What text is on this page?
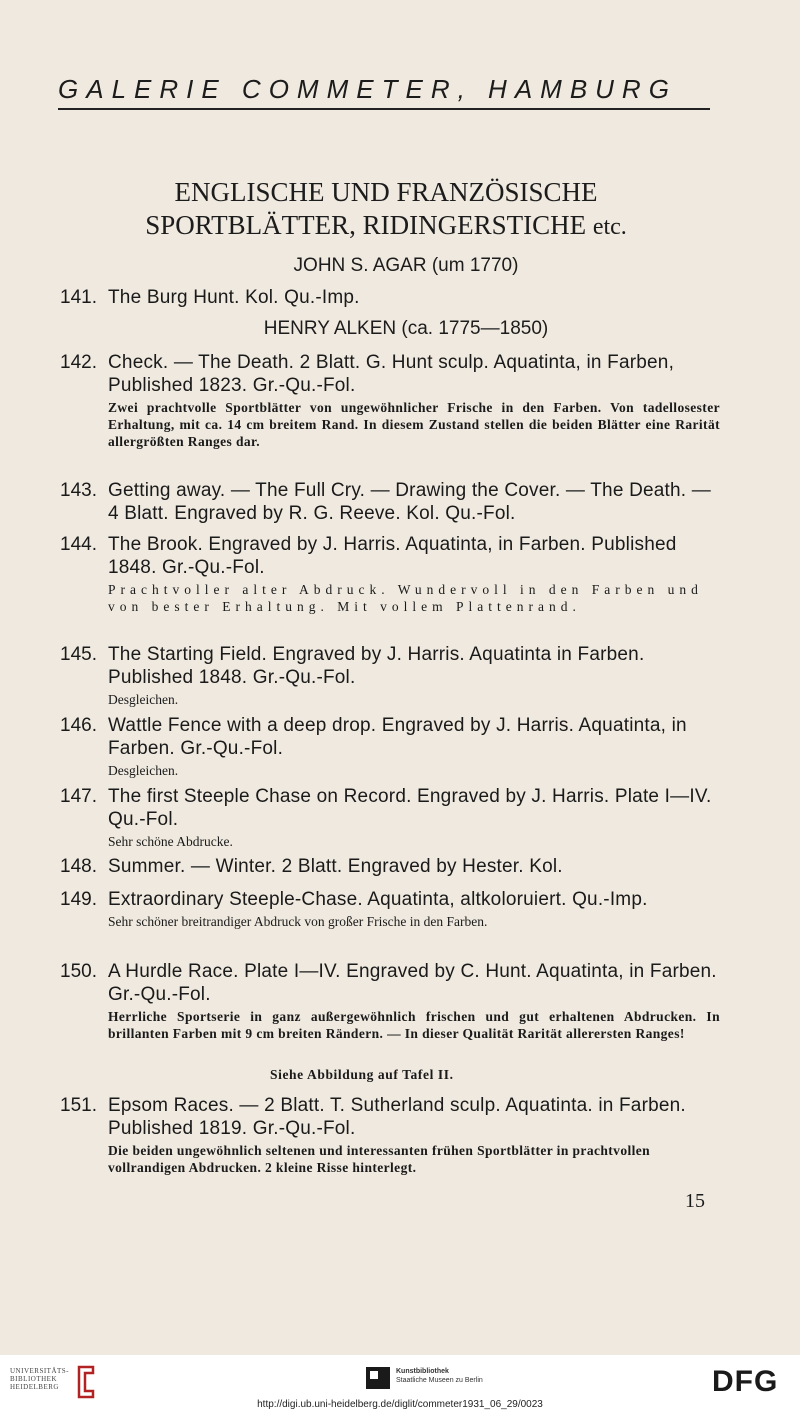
GALERIE COMMETER, HAMBURG
ENGLISCHE UND FRANZÖSISCHE
SPORTBLÄTTER, RIDINGERSTICHE etc.
JOHN S. AGAR (um 1770)
141. The Burg Hunt. Kol. Qu.-Imp.
HENRY ALKEN (ca. 1775—1850)
142. Check. — The Death. 2 Blatt. G. Hunt sculp. Aquatinta, in Farben, Published 1823. Gr.-Qu.-Fol.
Zwei prachtvolle Sportblätter von ungewöhnlicher Frische in den Farben. Von tadellosester Erhaltung, mit ca. 14 cm breitem Rand. In diesem Zustand stellen die beiden Blätter eine Rarität allergrößten Ranges dar.
143. Getting away. — The Full Cry. — Drawing the Cover. — The Death. — 4 Blatt. Engraved by R. G. Reeve. Kol. Qu.-Fol.
144. The Brook. Engraved by J. Harris. Aquatinta, in Farben. Published 1848. Gr.-Qu.-Fol.
Prachtvoller alter Abdruck. Wundervoll in den Farben und von bester Erhaltung. Mit vollem Plattenrand.
145. The Starting Field. Engraved by J. Harris. Aquatinta in Farben. Published 1848. Gr.-Qu.-Fol.
Desgleichen.
146. Wattle Fence with a deep drop. Engraved by J. Harris. Aquatinta, in Farben. Gr.-Qu.-Fol.
Desgleichen.
147. The first Steeple Chase on Record. Engraved by J. Harris. Plate I—IV. Qu.-Fol.
Sehr schöne Abdrucke.
148. Summer. — Winter. 2 Blatt. Engraved by Hester. Kol.
149. Extraordinary Steeple-Chase. Aquatinta, altkoloruiert. Qu.-Imp.
Sehr schöner breitrandiger Abdruck von großer Frische in den Farben.
150. A Hurdle Race. Plate I—IV. Engraved by C. Hunt. Aquatinta, in Farben. Gr.-Qu.-Fol.
Herrliche Sportserie in ganz außergewöhnlich frischen und gut erhaltenen Abdrucken. In brillanten Farben mit 9 cm breiten Rändern. — In dieser Qualität Rarität allerersten Ranges!
Siehe Abbildung auf Tafel II.
151. Epsom Races. — 2 Blatt. T. Sutherland sculp. Aquatinta. in Farben. Published 1819. Gr.-Qu.-Fol.
Die beiden ungewöhnlich seltenen und interessanten frühen Sportblätter in prachtvollen vollrandigen Abdrucken. 2 kleine Risse hinterlegt.
15
UNIVERSITÄTS-
BIBLIOTHEK
HEIDELBERG
Kunstbibliothek
Staatliche Museen zu Berlin	DFG
http://digi.ub.uni-heidelberg.de/diglit/commeter1931_06_29/0023
